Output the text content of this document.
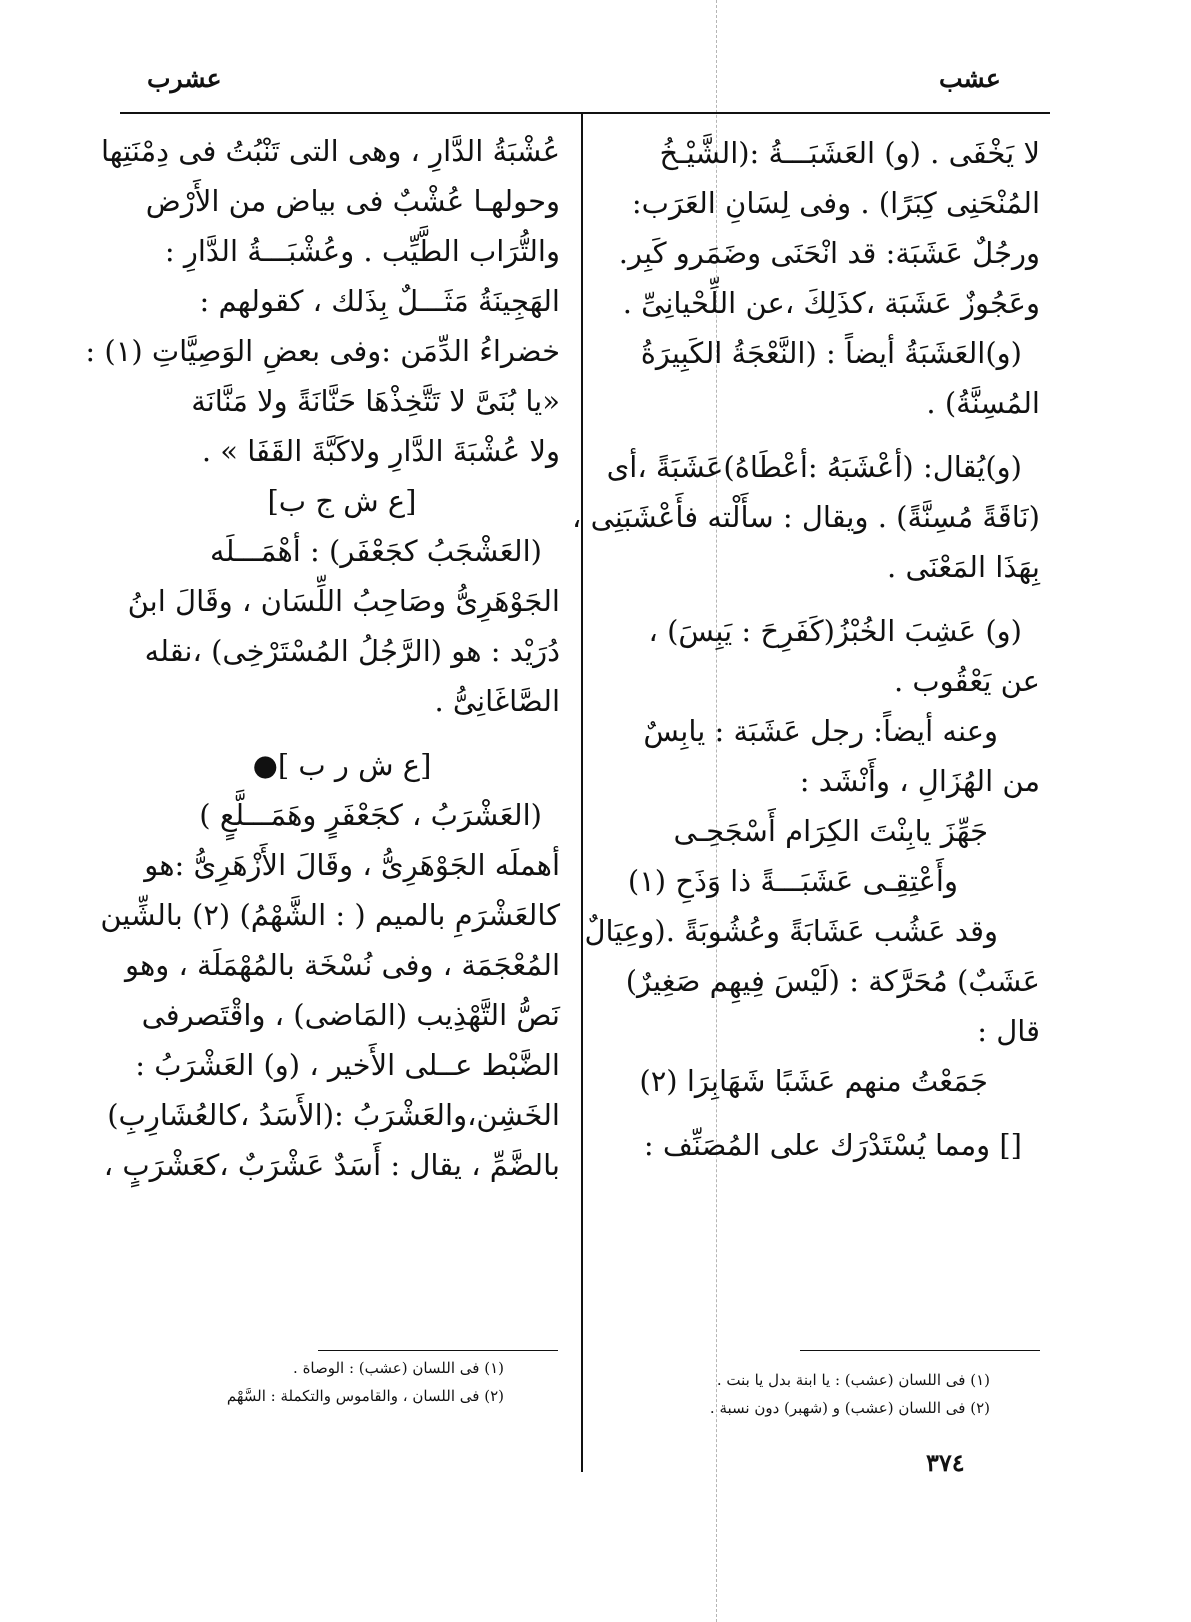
عشب
عشرب
لا يَخْفَى . (و) العَشَبَـــةُ :(الشَّيْـخُ
المُنْحَنِى كِبَرًا) . وفى لِسَانِ العَرَب:
ورجُلٌ عَشَبَة: قد انْحَنَى وضَمَرو كَبِر.
وعَجُوزٌ عَشَبَة ،كذَلِكَ ،عن اللِّحْيانِىِّ .
(و)العَشَبَةُ أيضاً : (النَّعْجَةُ الكَبِيرَةُ
المُسِنَّةُ) .
(و)يُقال: (أعْشَبَهُ :أعْطَاهُ)عَشَبَةً ،أى
(نَاقَةً مُسِنَّةً) . ويقال : سأَلْته فأَعْشَبَنِى ،
بِهَذَا المَعْنَى .
(و) عَشِبَ الخُبْزُ(كَفَرِحَ : يَبِسَ) ،
عن يَعْقُوب .
وعنه أيضاً: رجل عَشَبَة : يابِسٌ
من الهُزَالِ ، وأَنْشَد :
جَهِّزَ يابِنْتَ الكِرَام أَسْجَحِـى
وأَعْتِقِـى عَشَبَـــةً ذا وَذَحِ (١)
وقد عَشُب عَشَابَةً وعُشُوبَةً .(وعِيَالٌ
عَشَبٌ) مُحَرَّكة : (لَيْسَ فِيهِم صَغِيرٌ)
قال :
جَمَعْتُ منهم عَشَبًا شَهَابِرَا (٢)
[] ومما يُسْتَدْرَك على المُصَنِّف :
عُشْبَةُ الدَّارِ ، وهى التى تَنْبُتُ فى دِمْنَتِها
وحولهـا عُشْبٌ فى بياض من الأَرْض
والتُّرَاب الطَّيِّب . وعُشْبَـــةُ الدَّارِ :
الهَجِينَةُ مَثَـــلٌ بِذَلك ، كقولهم :
خضراءُ الدِّمَن :وفى بعضِ الوَصِيَّاتِ (١) :
«يا بُنَىَّ لا تَتَّخِذْهَا حَنَّانَةً ولا مَنَّانَة
ولا عُشْبَةَ الدَّارِ ولاكَبَّةَ القَفَا » .
[ع ش ج ب]
(العَشْجَبُ كجَعْفَر) : أهْمَـــلَه
الجَوْهَرِىُّ وصَاحِبُ اللِّسَان ، وقَالَ ابنُ
دُرَيْد : هو (الرَّجُلُ المُسْتَرْخِى) ،نقله
الصَّاغَانِىُّ .
[ع ش ر ب ]●
(العَشْرَبُ ، كجَعْفَرٍ وهَمَـــلَّعٍ )
أهملَه الجَوْهَرِىُّ ، وقَالَ الأَزْهَرِىُّ :هو
كالعَشْرَمِ بالميم ( : الشَّهْمُ) (٢) بالشِّين
المُعْجَمَة ، وفى نُسْخَة بالمُهْمَلَة ، وهو
نَصُّ التَّهْذِيب (المَاضى) ، واقْتَصرفى
الضَّبْط عــلى الأَخير ، (و) العَشْرَبُ :
الخَشِن،والعَشْرَبُ :(الأَسَدُ ،كالعُشَارِبِ)
بالضَّمِّ ، يقال : أَسَدٌ عَشْرَبٌ ،كعَشْرَبٍ ،
(١) فى اللسان (عشب) : يا ابنة بدل يا بنت .
(٢) فى اللسان (عشب) و (شهبر) دون نسبة .
(١) فى اللسان (عشب) : الوصاة .
(٢) فى اللسان ، والقاموس والتكملة : السَّهْم
٣٧٤
